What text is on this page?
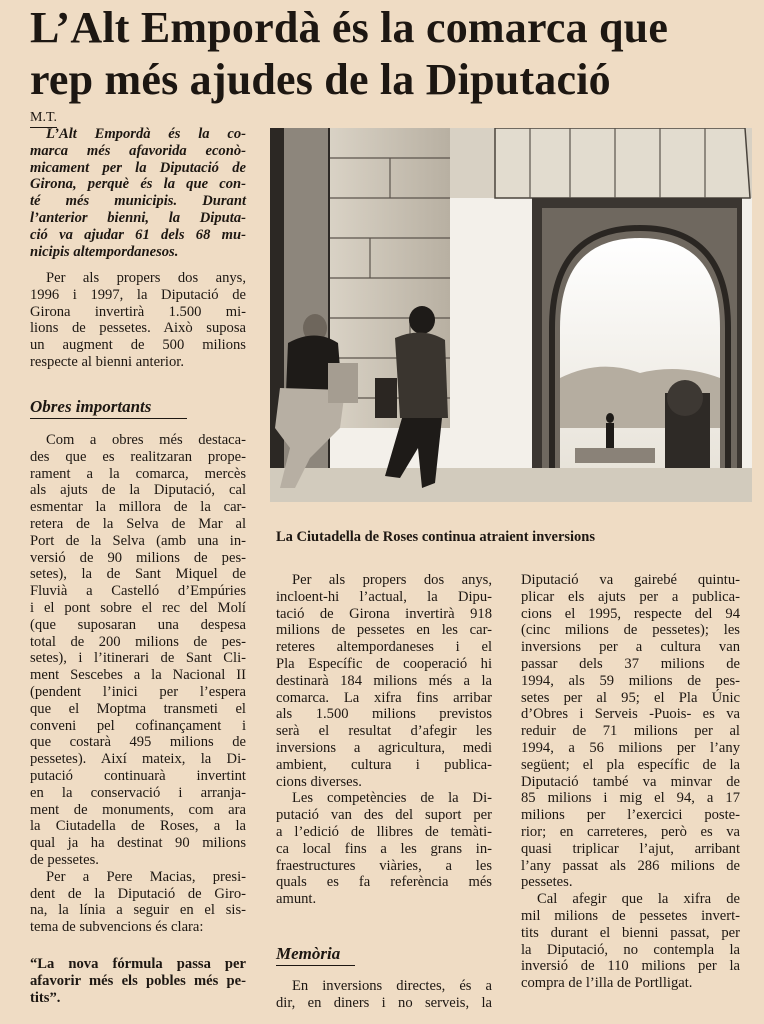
L’Alt Empordà és la comarca que
rep més ajudes de la Diputació
M.T.
L’Alt Empordà és la co-
marca més afavorida econò-
micament per la Diputació de
Girona, perquè és la que con-
té més municipis. Durant
l’anterior bienni, la Diputa-
ció va ajudar 61 dels 68 mu-
nicipis altempordanesos.
Per als propers dos anys,
1996 i 1997, la Diputació de
Girona invertirà 1.500 mi-
lions de pessetes. Això suposa
un augment de 500 milions
respecte al bienni anterior.
Obres importants
Com a obres més destaca-
des que es realitzaran prope-
rament a la comarca, mercès
als ajuts de la Diputació, cal
esmentar la millora de la car-
retera de la Selva de Mar al
Port de la Selva (amb una in-
versió de 90 milions de pes-
setes), la de Sant Miquel de
Fluvià a Castelló d’Empúries
i el pont sobre el rec del Molí
(que suposaran una despesa
total de 200 milions de pes-
setes), i l’itinerari de Sant Cli-
ment Sescebes a la Nacional II
(pendent l’inici per l’espera
que el Moptma transmeti el
conveni pel cofinançament i
que costarà 495 milions de
pessetes). Així mateix, la Di-
putació continuarà invertint
en la conservació i arranja-
ment de monuments, com ara
la Ciutadella de Roses, a la
qual ja ha destinat 90 milions
de pessetes.
Per a Pere Macias, presi-
dent de la Diputació de Giro-
na, la línia a seguir en el sis-
tema de subvencions és clara:
“La nova fórmula passa per
afavorir més els pobles més pe-
tits”.
La Ciutadella de Roses continua atraient inversions
Per als propers dos anys,
incloent-hi l’actual, la Dipu-
tació de Girona invertirà 918
milions de pessetes en les car-
reteres altempordaneses i el
Pla Específic de cooperació hi
destinarà 184 milions més a la
comarca. La xifra fins arribar
als 1.500 milions previstos
serà el resultat d’afegir les
inversions a agricultura, medi
ambient, cultura i publica-
cions diverses.
Les competències de la Di-
putació van des del suport per
a l’edició de llibres de temàti-
ca local fins a les grans in-
fraestructures viàries, a les
quals es fa referència més
amunt.
Memòria
En inversions directes, és a
dir, en diners i no serveis, la
Diputació va gairebé quintu-
plicar els ajuts per a publica-
cions el 1995, respecte del 94
(cinc milions de pessetes); les
inversions per a cultura van
passar dels 37 milions de
1994, als 59 milions de pes-
setes per al 95; el Pla Únic
d’Obres i Serveis -Puois- es va
reduir de 71 milions per al
1994, a 56 milions per l’any
següent; el pla específic de la
Diputació també va minvar de
85 milions i mig el 94, a 17
milions per l’exercici poste-
rior; en carreteres, però es va
quasi triplicar l’ajut, arribant
l’any passat als 286 milions de
pessetes.
Cal afegir que la xifra de
mil milions de pessetes invert-
tits durant el bienni passat, per
la Diputació, no contempla la
inversió de 110 milions per la
compra de l’illa de Portlligat.
